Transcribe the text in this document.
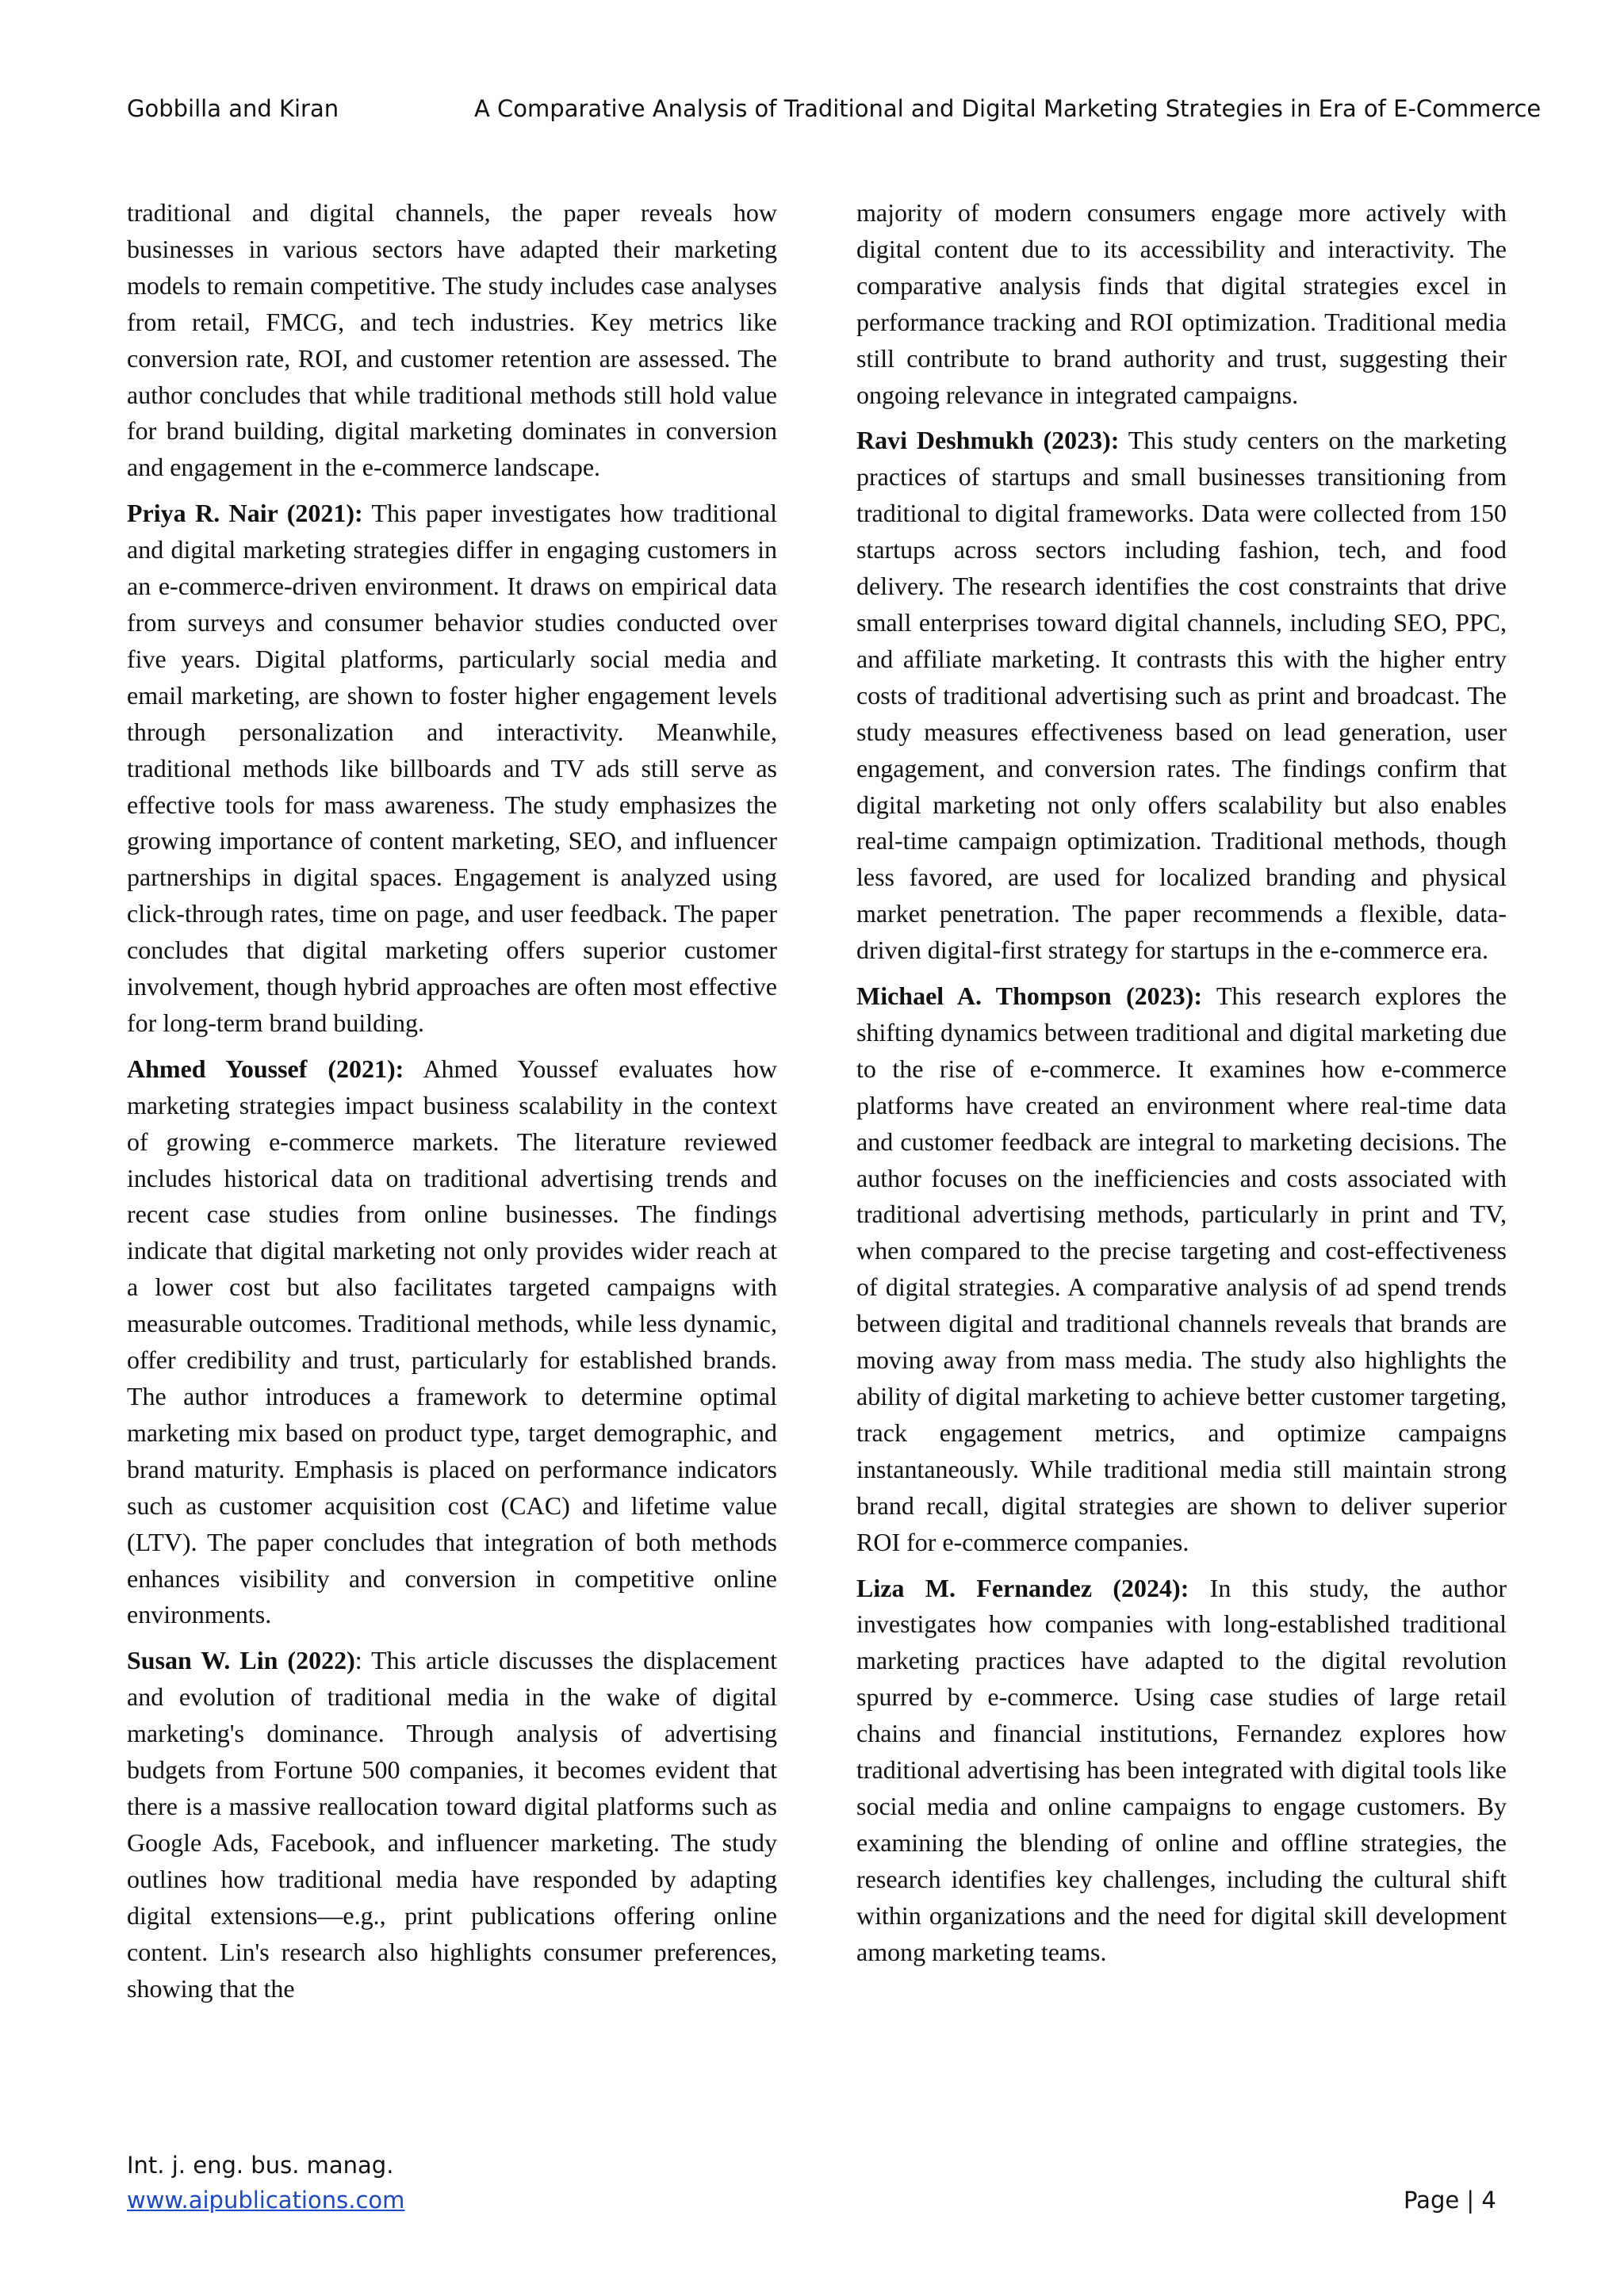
Gobbilla and Kiran	A Comparative Analysis of Traditional and Digital Marketing Strategies in Era of E-Commerce

traditional and digital channels, the paper reveals how businesses in various sectors have adapted their marketing models to remain competitive. The study includes case analyses from retail, FMCG, and tech industries. Key metrics like conversion rate, ROI, and customer retention are assessed. The author concludes that while traditional methods still hold value for brand building, digital marketing dominates in conversion and engagement in the e-commerce landscape.

Priya R. Nair (2021): This paper investigates how traditional and digital marketing strategies differ in engaging customers in an e-commerce-driven environment. It draws on empirical data from surveys and consumer behavior studies conducted over five years. Digital platforms, particularly social media and email marketing, are shown to foster higher engagement levels through personalization and interactivity. Meanwhile, traditional methods like billboards and TV ads still serve as effective tools for mass awareness. The study emphasizes the growing importance of content marketing, SEO, and influencer partnerships in digital spaces. Engagement is analyzed using click-through rates, time on page, and user feedback. The paper concludes that digital marketing offers superior customer involvement, though hybrid approaches are often most effective for long-term brand building.

Ahmed Youssef (2021): Ahmed Youssef evaluates how marketing strategies impact business scalability in the context of growing e-commerce markets. The literature reviewed includes historical data on traditional advertising trends and recent case studies from online businesses. The findings indicate that digital marketing not only provides wider reach at a lower cost but also facilitates targeted campaigns with measurable outcomes. Traditional methods, while less dynamic, offer credibility and trust, particularly for established brands. The author introduces a framework to determine optimal marketing mix based on product type, target demographic, and brand maturity. Emphasis is placed on performance indicators such as customer acquisition cost (CAC) and lifetime value (LTV). The paper concludes that integration of both methods enhances visibility and conversion in competitive online environments.

Susan W. Lin (2022): This article discusses the displacement and evolution of traditional media in the wake of digital marketing's dominance. Through analysis of advertising budgets from Fortune 500 companies, it becomes evident that there is a massive reallocation toward digital platforms such as Google Ads, Facebook, and influencer marketing. The study outlines how traditional media have responded by adapting digital extensions—e.g., print publications offering online content. Lin's research also highlights consumer preferences, showing that the

majority of modern consumers engage more actively with digital content due to its accessibility and interactivity. The comparative analysis finds that digital strategies excel in performance tracking and ROI optimization. Traditional media still contribute to brand authority and trust, suggesting their ongoing relevance in integrated campaigns.

Ravi Deshmukh (2023): This study centers on the marketing practices of startups and small businesses transitioning from traditional to digital frameworks. Data were collected from 150 startups across sectors including fashion, tech, and food delivery. The research identifies the cost constraints that drive small enterprises toward digital channels, including SEO, PPC, and affiliate marketing. It contrasts this with the higher entry costs of traditional advertising such as print and broadcast. The study measures effectiveness based on lead generation, user engagement, and conversion rates. The findings confirm that digital marketing not only offers scalability but also enables real-time campaign optimization. Traditional methods, though less favored, are used for localized branding and physical market penetration. The paper recommends a flexible, data-driven digital-first strategy for startups in the e-commerce era.

Michael A. Thompson (2023): This research explores the shifting dynamics between traditional and digital marketing due to the rise of e-commerce. It examines how e-commerce platforms have created an environment where real-time data and customer feedback are integral to marketing decisions. The author focuses on the inefficiencies and costs associated with traditional advertising methods, particularly in print and TV, when compared to the precise targeting and cost-effectiveness of digital strategies. A comparative analysis of ad spend trends between digital and traditional channels reveals that brands are moving away from mass media. The study also highlights the ability of digital marketing to achieve better customer targeting, track engagement metrics, and optimize campaigns instantaneously. While traditional media still maintain strong brand recall, digital strategies are shown to deliver superior ROI for e-commerce companies.

Liza M. Fernandez (2024): In this study, the author investigates how companies with long-established traditional marketing practices have adapted to the digital revolution spurred by e-commerce. Using case studies of large retail chains and financial institutions, Fernandez explores how traditional advertising has been integrated with digital tools like social media and online campaigns to engage customers. By examining the blending of online and offline strategies, the research identifies key challenges, including the cultural shift within organizations and the need for digital skill development among marketing teams.

Int. j. eng. bus. manag.
www.aipublications.com	Page | 4
